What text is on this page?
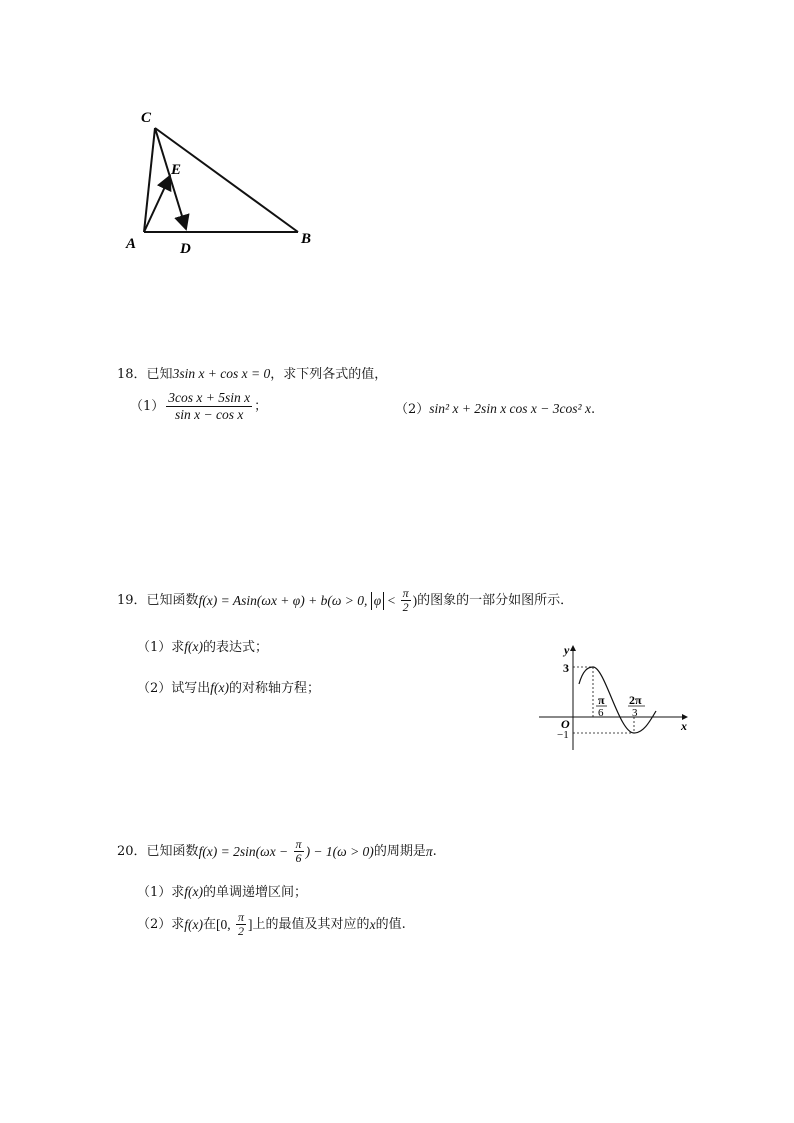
C
E
A	D
B
18．已知3sin x + cos x = 0，求下列各式的值，
$(1) \frac{\text{3cos x + 5sin x}}{\text{sin x − cos x}}$ ；	（2）sin² x + 2sin x cos x − 3cos² x.
19． 已知函数 f(x) = Asin(ωx + φ) + b(ω > 0, $\varphi < \frac{\pi}{2}$ ) 的图象的一部分如图所示．
（1）求f(x)的表达式；
（2）试写出f(x)的对称轴方程；
y
x
O
3
−1
π
6
2π
3
20． 已知函数 $f(x) = 2\sin(\omega x - \frac{\pi}{6}$ ) − 1(ω > 0) 的周期是 π .
（1）求f(x)的单调递增区间；
（2）求 f(x) 在 [0, $\frac{\pi}{2}$ ] 上的最值及其对应的 x 的值.
